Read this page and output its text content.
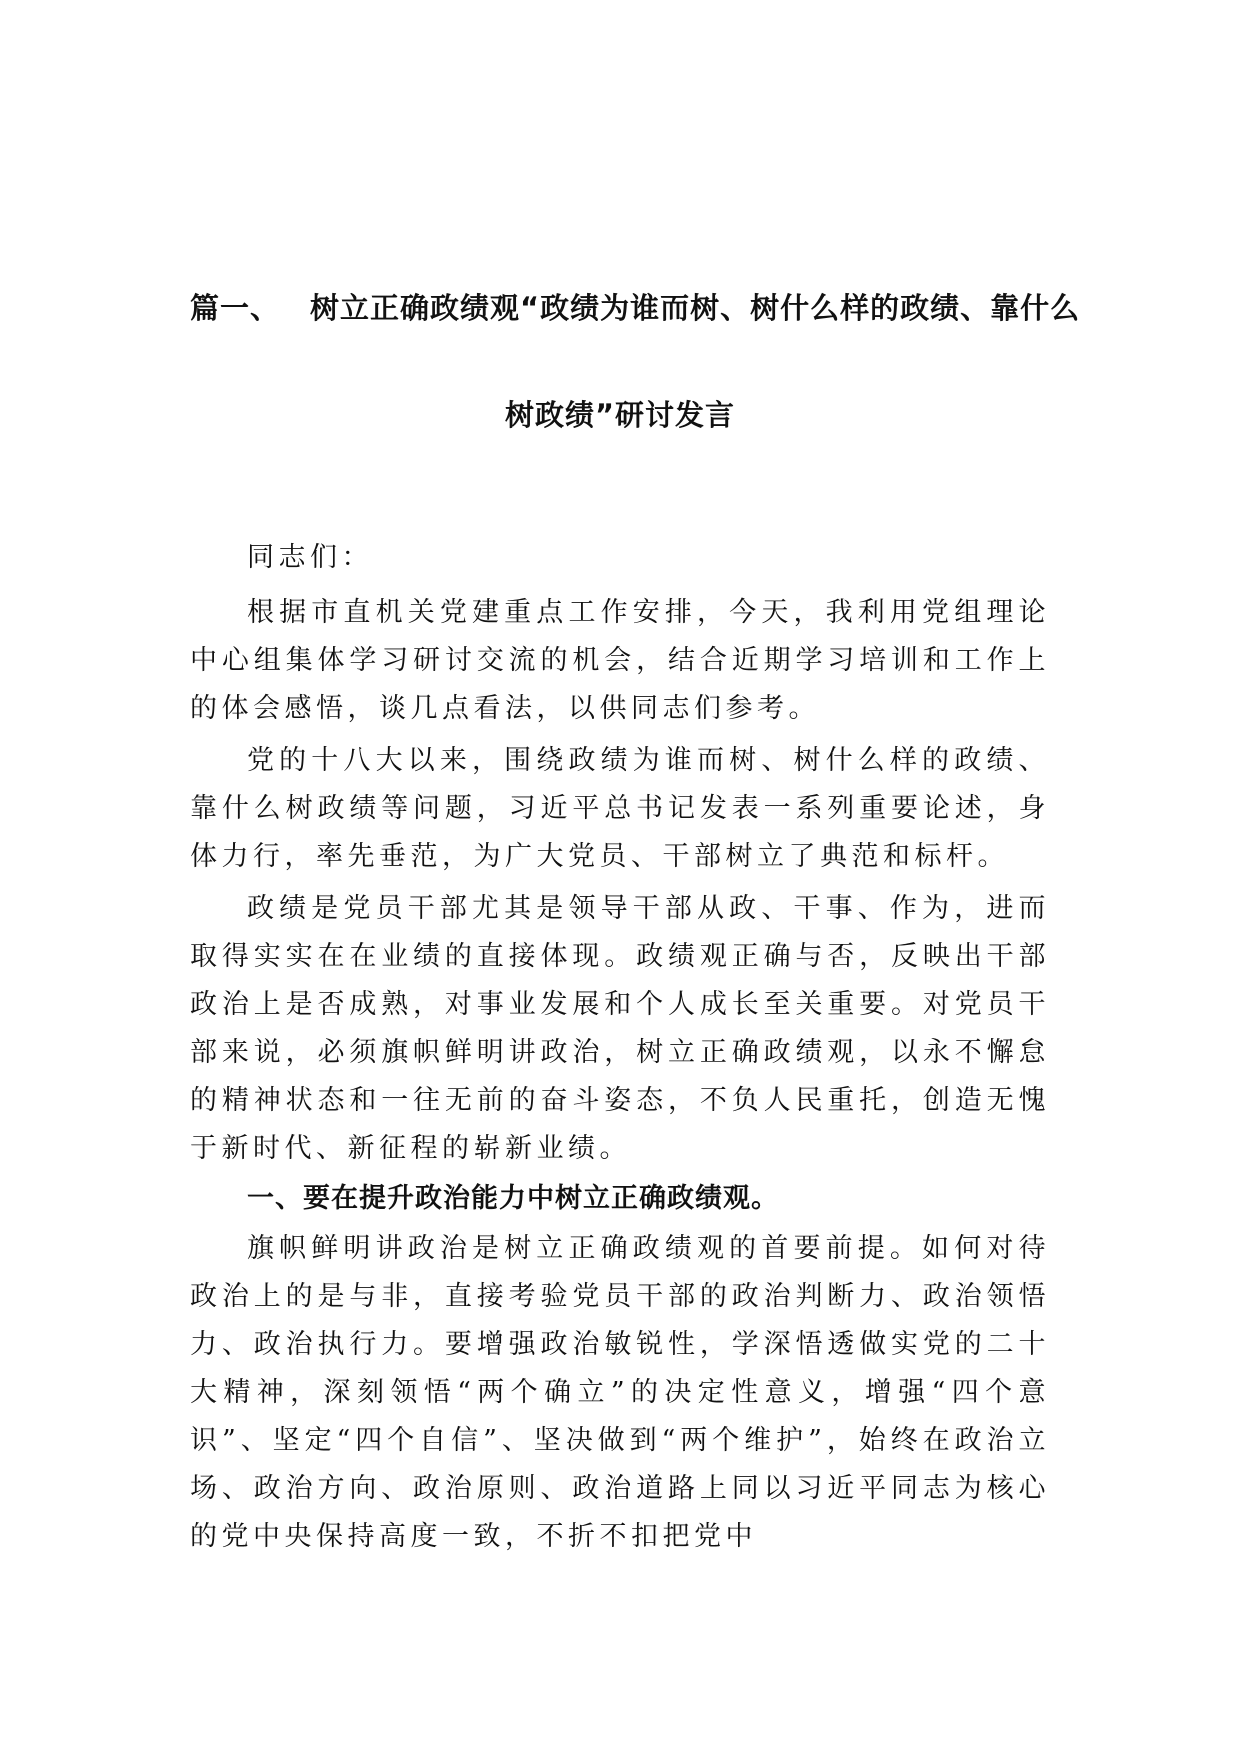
篇一、 树立正确政绩观“政绩为谁而树、树什么样的政绩、靠什么
树政绩”研讨发言

同志们：

根据市直机关党建重点工作安排，今天，我利用党组理论中心组集体学习研讨交流的机会，结合近期学习培训和工作上的体会感悟，谈几点看法，以供同志们参考。

党的十八大以来，围绕政绩为谁而树、树什么样的政绩、靠什么树政绩等问题，习近平总书记发表一系列重要论述，身体力行，率先垂范，为广大党员、干部树立了典范和标杆。

政绩是党员干部尤其是领导干部从政、干事、作为，进而取得实实在在业绩的直接体现。政绩观正确与否，反映出干部政治上是否成熟，对事业发展和个人成长至关重要。对党员干部来说，必须旗帜鲜明讲政治，树立正确政绩观，以永不懈怠的精神状态和一往无前的奋斗姿态，不负人民重托，创造无愧于新时代、新征程的崭新业绩。

一、要在提升政治能力中树立正确政绩观。

旗帜鲜明讲政治是树立正确政绩观的首要前提。如何对待政治上的是与非，直接考验党员干部的政治判断力、政治领悟力、政治执行力。要增强政治敏锐性，学深悟透做实党的二十大精神，深刻领悟“两个确立”的决定性意义，增强“四个意识”、坚定“四个自信”、坚决做到“两个维护”，始终在政治立场、政治方向、政治原则、政治道路上同以习近平同志为核心的党中央保持高度一致，不折不扣把党中
